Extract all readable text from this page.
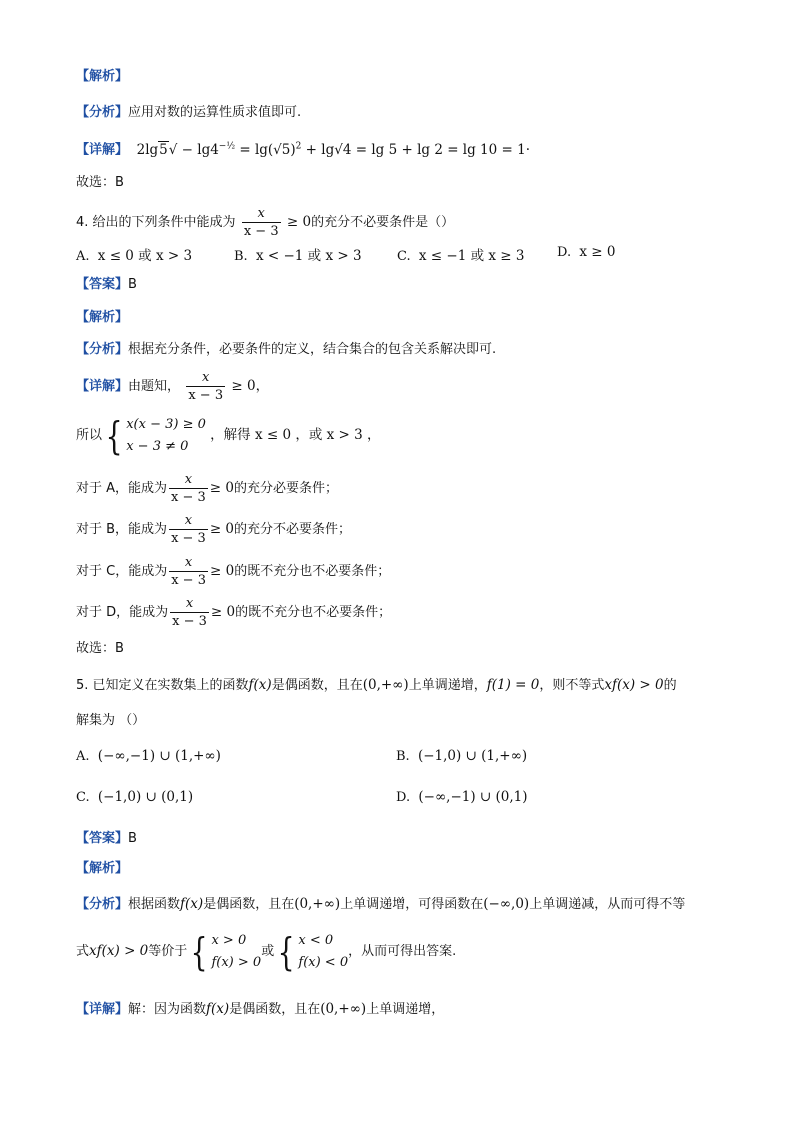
【解析】
【分析】应用对数的运算性质求值即可.
【详解】  $2\lg 5√ - \lg 4^{-\frac{1}{2}} = \lg(√5)^2 + \lg√4 = \lg 5 + \lg 2 = \lg 10 = 1\cdot$
故选：B
4. 给出的下列条件中能成为 $\frac{x}{x - 3} \ge 0$的充分不必要条件是（）
A. x ≤ 0 或 x > 3	B. x < −1 或 x > 3	C. x ≤ −1 或 x ≥ 3	D. x ≥ 0
【答案】B
【解析】
【分析】根据充分条件，必要条件的定义，结合集合的包含关系解决即可.
【详解】由题知， $\frac{x}{x - 3} \ge 0$，
所以 { x(x − 3) ≥ 0
x − 3 ≠ 0
，解得 x ≤ 0 ，或 x > 3 ，
对于 A，能成为 $\frac{x}{x - 3} \ge 0$的充分必要条件；
对于 B，能成为 $\frac{x}{x - 3} \ge 0$的充分不必要条件；
对于 C，能成为 $\frac{x}{x - 3} \ge 0$的既不充分也不必要条件；
对于 D，能成为 $\frac{x}{x - 3} \ge 0$的既不充分也不必要条件；
故选：B
5. 已知定义在实数集上的函数f(x)是偶函数，且在(0,+∞)上单调递增，f(1) = 0，则不等式xf(x) > 0的
解集为 （）
A. (−∞,−1) ∪ (1,+∞)	B. (−1,0) ∪ (1,+∞)
C. (−1,0) ∪ (0,1)	D. (−∞,−1) ∪ (0,1)
【答案】B
【解析】
【分析】根据函数f(x)是偶函数，且在(0,+∞)上单调递增，可得函数在(−∞,0)上单调递减，从而可得不等
式xf(x) > 0等价于 { x > 0
f(x) > 0
或 { x < 0
f(x) < 0
，从而可得出答案.
【详解】解：因为函数f(x)是偶函数，且在(0,+∞)上单调递增，
